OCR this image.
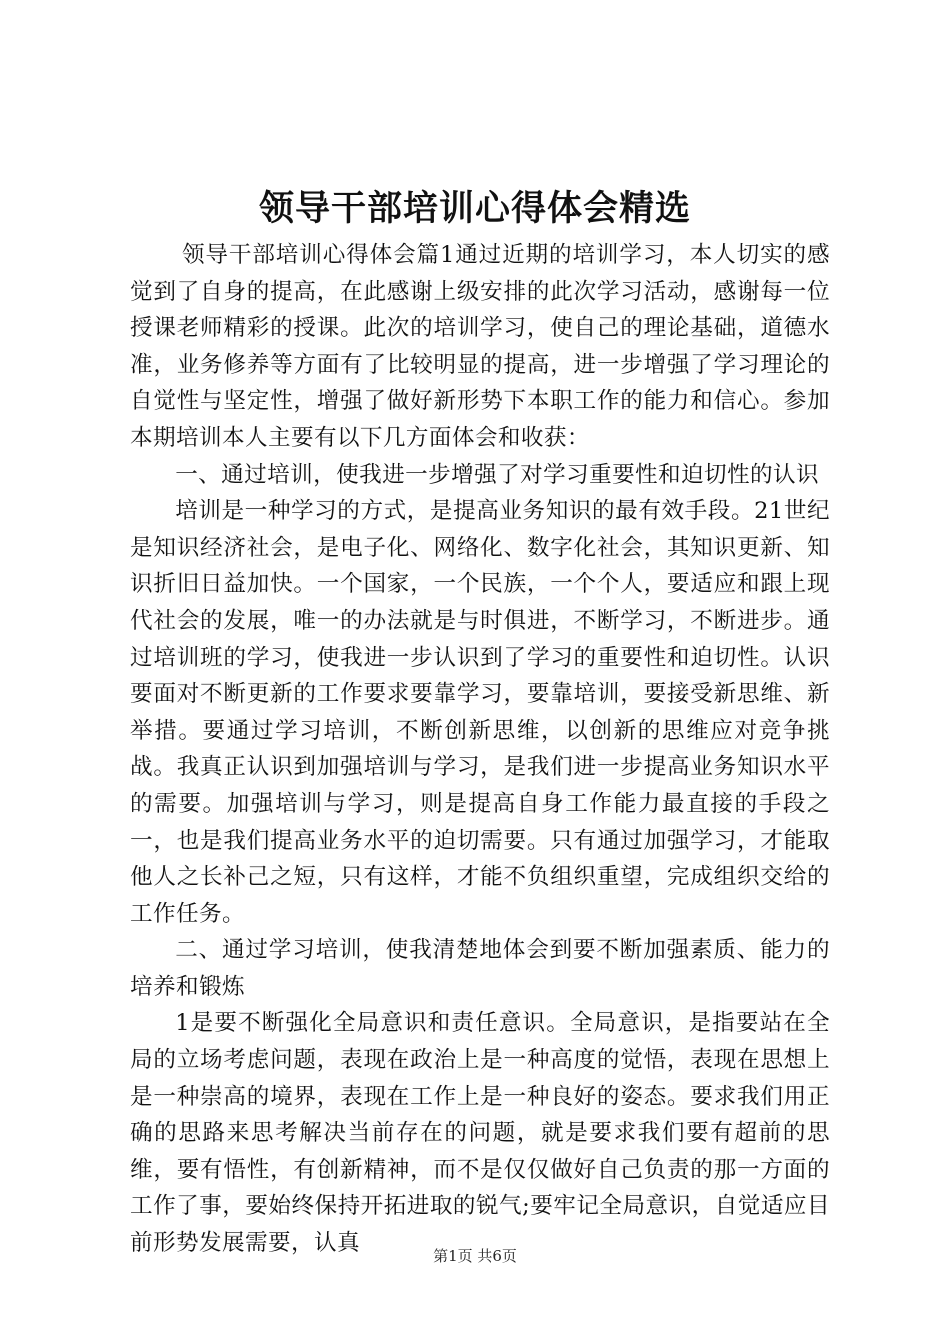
领导干部培训心得体会精选

领导干部培训心得体会篇1通过近期的培训学习，本人切实的感觉到了自身的提高，在此感谢上级安排的此次学习活动，感谢每一位授课老师精彩的授课。此次的培训学习，使自己的理论基础，道德水准，业务修养等方面有了比较明显的提高，进一步增强了学习理论的自觉性与坚定性，增强了做好新形势下本职工作的能力和信心。参加本期培训本人主要有以下几方面体会和收获：

一、通过培训，使我进一步增强了对学习重要性和迫切性的认识

培训是一种学习的方式，是提高业务知识的最有效手段。21世纪是知识经济社会，是电子化、网络化、数字化社会，其知识更新、知识折旧日益加快。一个国家，一个民族，一个个人，要适应和跟上现代社会的发展，唯一的办法就是与时俱进，不断学习，不断进步。通过培训班的学习，使我进一步认识到了学习的重要性和迫切性。认识要面对不断更新的工作要求要靠学习，要靠培训，要接受新思维、新举措。要通过学习培训，不断创新思维，以创新的思维应对竞争挑战。我真正认识到加强培训与学习，是我们进一步提高业务知识水平的需要。加强培训与学习，则是提高自身工作能力最直接的手段之一，也是我们提高业务水平的迫切需要。只有通过加强学习，才能取他人之长补己之短，只有这样，才能不负组织重望，完成组织交给的工作任务。

二、通过学习培训，使我清楚地体会到要不断加强素质、能力的培养和锻炼

1是要不断强化全局意识和责任意识。全局意识，是指要站在全局的立场考虑问题，表现在政治上是一种高度的觉悟，表现在思想上是一种崇高的境界，表现在工作上是一种良好的姿态。要求我们用正确的思路来思考解决当前存在的问题，就是要求我们要有超前的思维，要有悟性，有创新精神，而不是仅仅做好自己负责的那一方面的工作了事，要始终保持开拓进取的锐气;要牢记全局意识，自觉适应目前形势发展需要，认真	第1页 共6页
